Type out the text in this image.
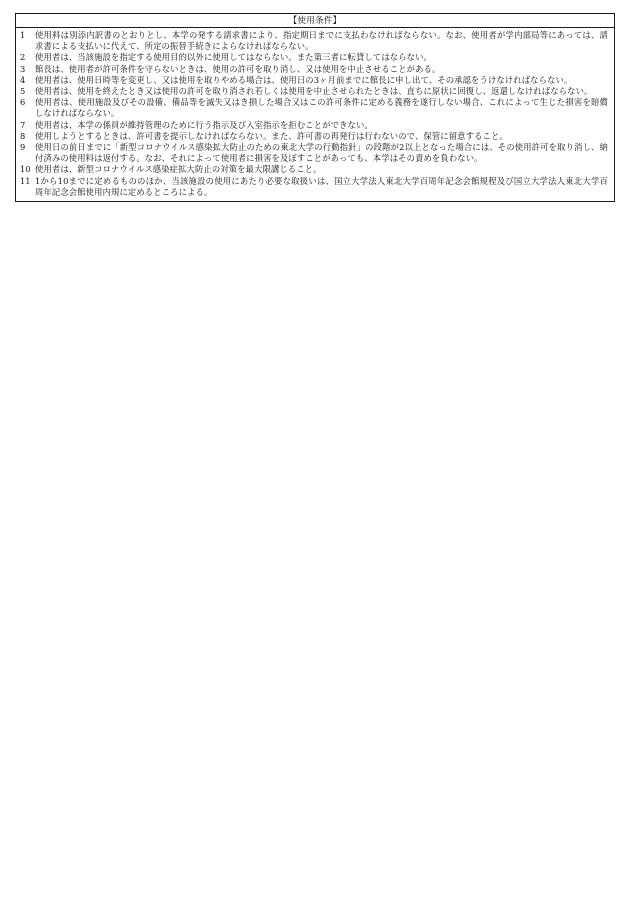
【使用条件】
1	使用料は別添内訳書のとおりとし、本学の発する請求書により、指定期日までに支払わなければならない。なお、使用者が学内部局等にあっては、請求書による支払いに代えて、所定の振替手続きによらなければならない。
2	使用者は、当該施設を指定する使用目的以外に使用してはならない。また第三者に転貸してはならない。
3	館長は、使用者が許可条件を守らないときは、使用の許可を取り消し、又は使用を中止させることがある。
4	使用者は、使用日時等を変更し、又は使用を取りやめる場合は、使用日の3ヶ月前までに館長に申し出て、その承認をうけなければならない。
5	使用者は、使用を終えたとき又は使用の許可を取り消され若しくは使用を中止させられたときは、直ちに原状に回復し、返還しなければならない。
6	使用者は、使用施設及びその設備、備品等を滅失又はき損した場合又はこの許可条件に定める義務を遂行しない場合、これによって生じた損害を賠償しなければならない。
7	使用者は、本学の係員が維持管理のために行う指示及び入室指示を拒むことができない。
8	使用しようとするときは、許可書を提示しなければならない。また、許可書の再発行は行わないので、保管に留意すること。
9	使用日の前日までに「新型コロナウイルス感染拡大防止のための東北大学の行動指針」の段階が2以上となった場合には、その使用許可を取り消し、納付済みの使用料は返付する。なお、それによって使用者に損害を及ぼすことがあっても、本学はその責めを負わない。
10 使用者は、新型コロナウイルス感染症拡大防止の対策を最大限講じること。
11 1から10までに定めるもののほか、当該施設の使用にあたり必要な取扱いは、国立大学法人東北大学百周年記念会館規程及び国立大学法人東北大学百周年記念会館使用内規に定めるところによる。
